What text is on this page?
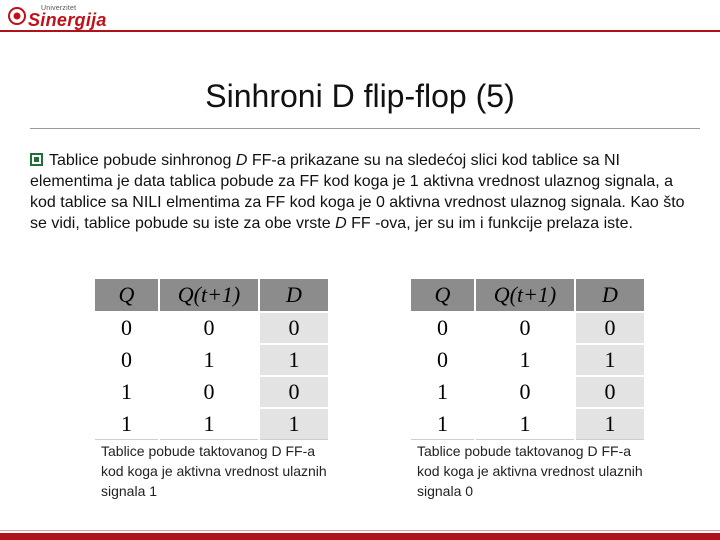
Univerzitet
Sinergija
Sinhroni D flip-flop (5)
Tablice pobude sinhronog D FF-a prikazane su na sledećoj slici kod tablice sa NI elementima je data tablica pobude za FF kod koga je 1 aktivna vrednost ulaznog signala, a kod tablice sa NILI elmentima za FF kod koga je 0 aktivna vrednost ulaznog signala. Kao što se vidi, tablice pobude su iste za obe vrste D FF -ova, jer su im i funkcije prelaza iste.
Q	Q(t+1)	D
0	0	0
0	1	1
1	0	0
1	1	1
Q	Q(t+1)	D
0	0	0
0	1	1
1	0	0
1	1	1
Tablice pobude taktovanog D FF-a kod koga je aktivna vrednost ulaznih signala 1
Tablice pobude taktovanog D FF-a kod koga je aktivna vrednost ulaznih signala 0
